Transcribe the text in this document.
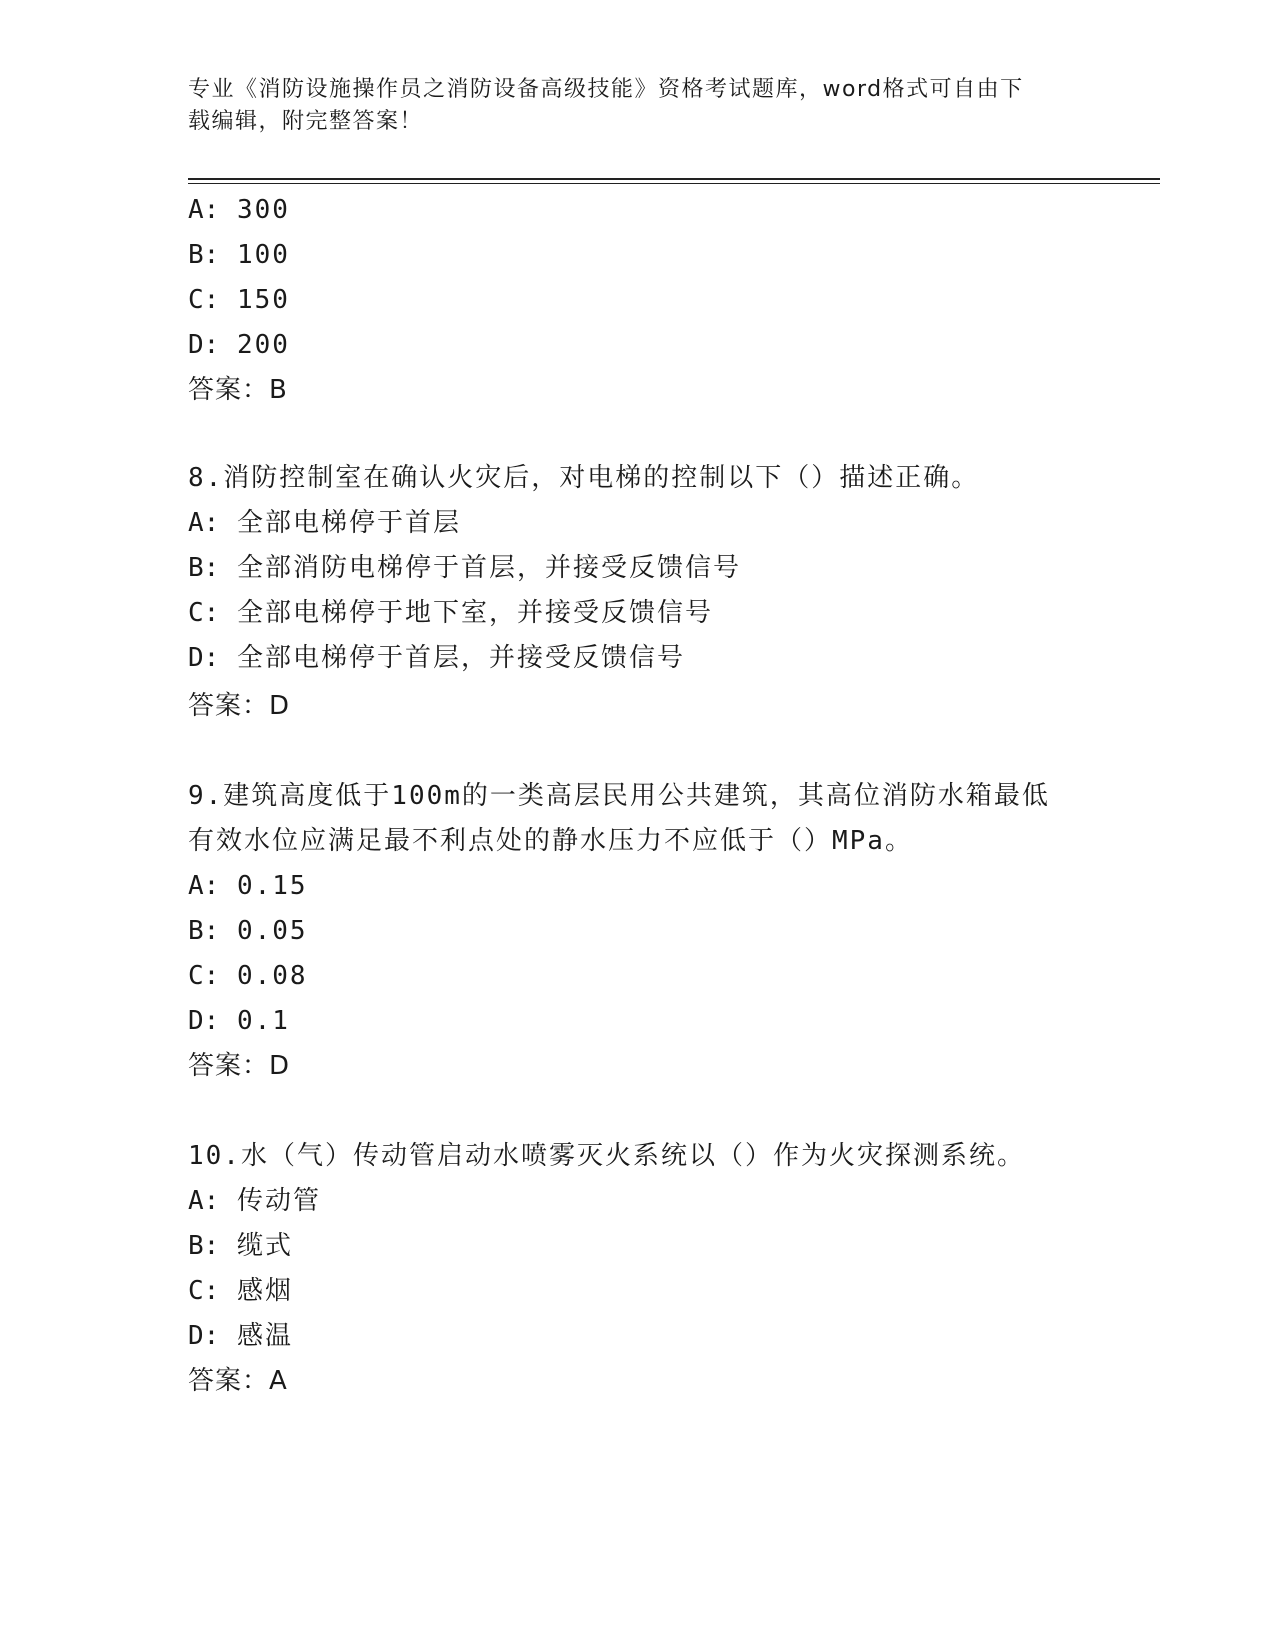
专业《消防设施操作员之消防设备高级技能》资格考试题库，word格式可自由下
载编辑，附完整答案！
A: 300
B: 100
C: 150
D: 200
答案：B
8.消防控制室在确认火灾后，对电梯的控制以下（）描述正确。
A: 全部电梯停于首层
B: 全部消防电梯停于首层，并接受反馈信号
C: 全部电梯停于地下室，并接受反馈信号
D: 全部电梯停于首层，并接受反馈信号
答案：D
9.建筑高度低于100m的一类高层民用公共建筑，其高位消防水箱最低
有效水位应满足最不利点处的静水压力不应低于（）MPa。
A: 0.15
B: 0.05
C: 0.08
D: 0.1
答案：D
10.水（气）传动管启动水喷雾灭火系统以（）作为火灾探测系统。
A: 传动管
B: 缆式
C: 感烟
D: 感温
答案：A
